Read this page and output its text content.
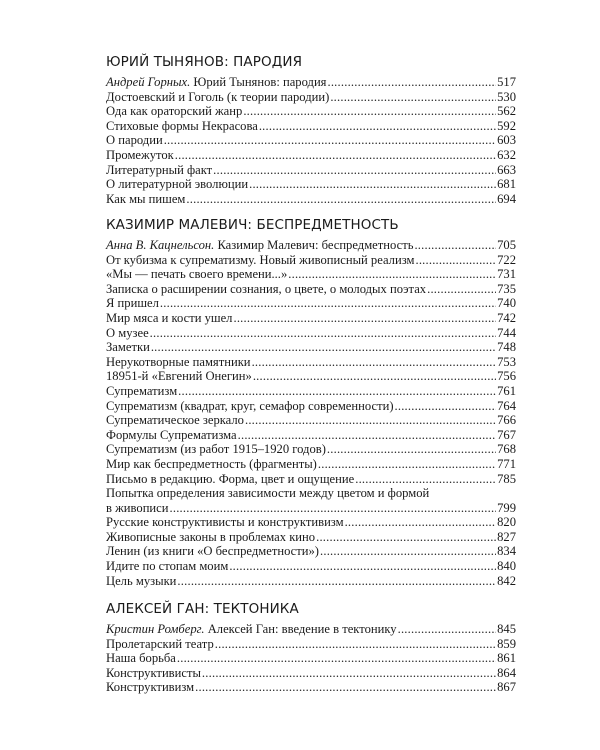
ЮРИЙ ТЫНЯНОВ: ПАРОДИЯ
Андрей Горных. Юрий Тынянов: пародия .....	517
Достоевский и Гоголь (к теории пародии) .....	530
Ода как ораторский жанр .....	562
Стиховые формы Некрасова .....	592
О пародии .....	603
Промежуток .....	632
Литературный факт .....	663
О литературной эволюции .....	681
Как мы пишем .....	694
КАЗИМИР МАЛЕВИЧ: БЕСПРЕДМЕТНОСТЬ
Анна В. Кацнельсон. Казимир Малевич: беспредметность .....	705
От кубизма к супрематизму. Новый живописный реализм .....	722
«Мы — печать своего времени...» .....	731
Записка о расширении сознания, о цвете, о молодых поэтах .....	735
Я пришел .....	740
Мир мяса и кости ушел .....	742
О музее .....	744
Заметки .....	748
Нерукотворные памятники .....	753
18951-й «Евгений Онегин» .....	756
Супрематизм .....	761
Супрематизм (квадрат, круг, семафор современности) .....	764
Супрематическое зеркало .....	766
Формулы Супрематизма .....	767
Супрематизм (из работ 1915–1920 годов) .....	768
Мир как беспредметность (фрагменты) .....	771
Письмо в редакцию. Форма, цвет и ощущение .....	785
Попытка определения зависимости между цветом и формой
в живописи .....	799
Русские конструктивисты и конструктивизм .....	820
Живописные законы в проблемах кино .....	827
Ленин (из книги «О беспредметности») .....	834
Идите по стопам моим .....	840
Цель музыки .....	842
АЛЕКСЕЙ ГАН: ТЕКТОНИКА
Кристин Ромберг. Алексей Ган: введение в тектонику .....	845
Пролетарский театр .....	859
Наша борьба .....	861
Конструктивисты .....	864
Конструктивизм .....	867
